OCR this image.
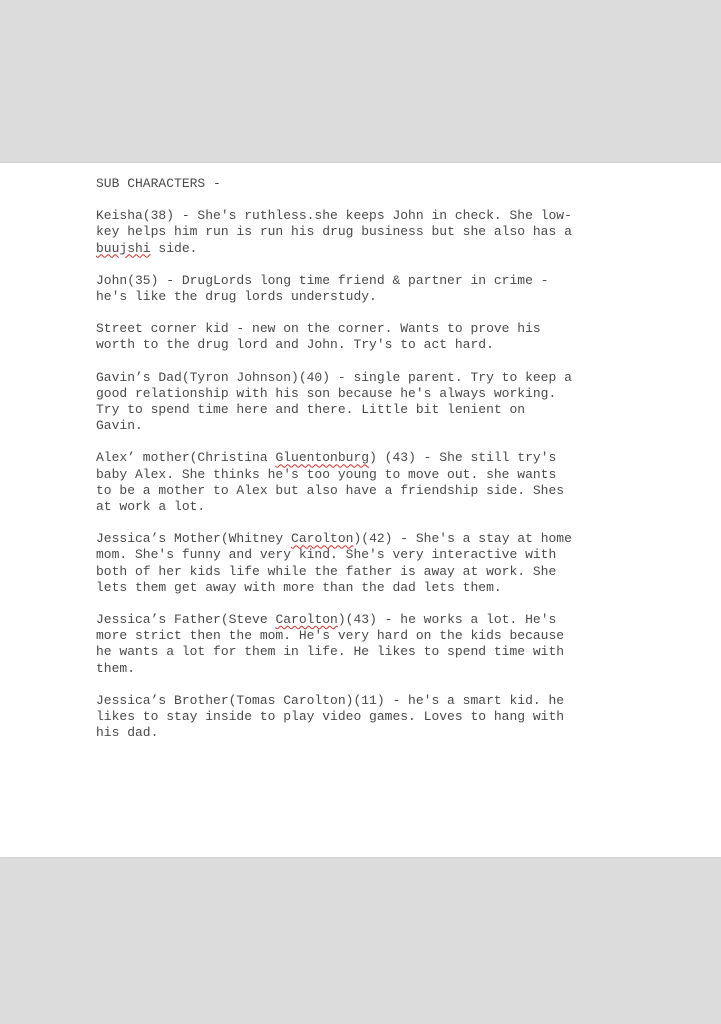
SUB CHARACTERS -
Keisha(38) - She's ruthless.she keeps John in check. She low-
key helps him run is run his drug business but she also has a
buujshi side.
John(35) - DrugLords long time friend & partner in crime -
he's like the drug lords understudy.
Street corner kid - new on the corner. Wants to prove his
worth to the drug lord and John. Try's to act hard.
Gavin’s Dad(Tyron Johnson)(40) - single parent. Try to keep a
good relationship with his son because he's always working.
Try to spend time here and there. Little bit lenient on
Gavin.
Alex’ mother(Christina Gluentonburg) (43) - She still try's
baby Alex. She thinks he's too young to move out. she wants
to be a mother to Alex but also have a friendship side. Shes
at work a lot.
Jessica’s Mother(Whitney Carolton)(42) - She's a stay at home
mom. She's funny and very kind. She's very interactive with
both of her kids life while the father is away at work. She
lets them get away with more than the dad lets them.
Jessica’s Father(Steve Carolton)(43) - he works a lot. He's
more strict then the mom. He's very hard on the kids because
he wants a lot for them in life. He likes to spend time with
them.
Jessica’s Brother(Tomas Carolton)(11) - he's a smart kid. he
likes to stay inside to play video games. Loves to hang with
his dad.
